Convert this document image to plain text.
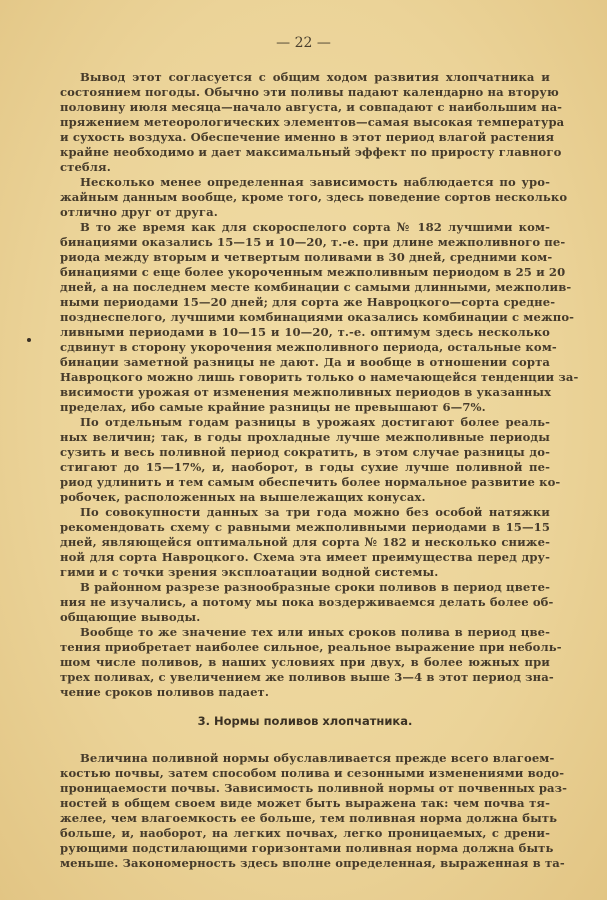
— 22 —
Вывод этот согласуется с общим ходом развития хлопчатника и
состоянием погоды. Обычно эти поливы падают календарно на вторую
половину июля месяца—начало августа, и совпадают с наибольшим на-
пряжением метеорологических элементов—самая высокая температура
и сухость воздуха. Обеспечение именно в этот период влагой растения
крайне необходимо и дает максимальный эффект по приросту главного
стебля.
Несколько менее определенная зависимость наблюдается по уро-
жайным данным вообще, кроме того, здесь поведение сортов несколько
отлично друг от друга.
В то же время как для скороспелого сорта № 182 лучшими ком-
бинациями оказались 15—15 и 10—20, т.-е. при длине межполивного пе-
риода между вторым и четвертым поливами в 30 дней, средними ком-
бинациями с еще более укороченным межполивным периодом в 25 и 20
дней, а на последнем месте комбинации с самыми длинными, межполив-
ными периодами 15—20 дней; для сорта же Навроцкого—сорта средне-
позднеспелого, лучшими комбинациями оказались комбинации с межпо-
ливными периодами в 10—15 и 10—20, т.-е. оптимум здесь несколько
сдвинут в сторону укорочения межполивного периода, остальные ком-
бинации заметной разницы не дают. Да и вообще в отношении сорта
Навроцкого можно лишь говорить только о намечающейся тенденции за-
висимости урожая от изменения межполивных периодов в указанных
пределах, ибо самые крайние разницы не превышают 6—7%.
По отдельным годам разницы в урожаях достигают более реаль-
ных величин; так, в годы прохладные лучше межполивные периоды
сузить и весь поливной период сократить, в этом случае разницы до-
стигают до 15—17%, и, наоборот, в годы сухие лучше поливной пе-
риод удлинить и тем самым обеспечить более нормальное развитие ко-
робочек, расположенных на вышележащих конусах.
По совокупности данных за три года можно без особой натяжки
рекомендовать схему с равными межполивными периодами в 15—15
дней, являющейся оптимальной для сорта № 182 и несколько сниже-
ной для сорта Навроцкого. Схема эта имеет преимущества перед дру-
гими и с точки зрения эксплоатации водной системы.
В районном разрезе разнообразные сроки поливов в период цвете-
ния не изучались, а потому мы пока воздерживаемся делать более об-
общающие выводы.
Вообще то же значение тех или иных сроков полива в период цве-
тения приобретает наиболее сильное, реальное выражение при неболь-
шом числе поливов, в наших условиях при двух, в более южных при
трех поливах, с увеличением же поливов выше 3—4 в этот период зна-
чение сроков поливов падает.
3. Нормы поливов хлопчатника.
Величина поливной нормы обуславливается прежде всего влагоем-
костью почвы, затем способом полива и сезонными изменениями водо-
проницаемости почвы. Зависимость поливной нормы от почвенных раз-
ностей в общем своем виде может быть выражена так: чем почва тя-
желее, чем влагоемкость ее больше, тем поливная норма должна быть
больше, и, наоборот, на легких почвах, легко проницаемых, с дрени-
рующими подстилающими горизонтами поливная норма должна быть
меньше. Закономерность здесь вполне определенная, выраженная в та-
